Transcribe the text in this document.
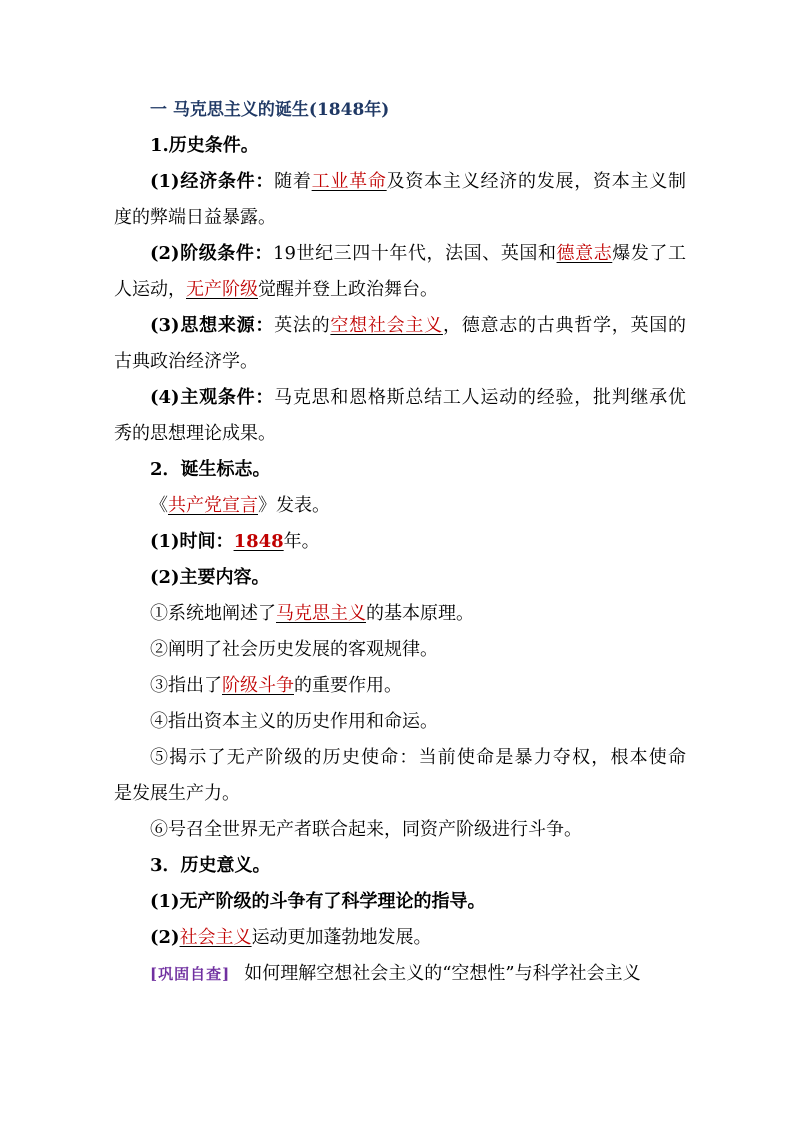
一 马克思主义的诞生(1848年)
1.历史条件。
(1)经济条件：随着工业革命及资本主义经济的发展，资本主义制
度的弊端日益暴露。
(2)阶级条件：19世纪三四十年代，法国、英国和德意志爆发了工
人运动，无产阶级觉醒并登上政治舞台。
(3)思想来源：英法的空想社会主义，德意志的古典哲学，英国的
古典政治经济学。
(4)主观条件：马克思和恩格斯总结工人运动的经验，批判继承优
秀的思想理论成果。
2．诞生标志。
《共产党宣言》发表。
(1)时间：1848年。
(2)主要内容。
①系统地阐述了马克思主义的基本原理。
②阐明了社会历史发展的客观规律。
③指出了阶级斗争的重要作用。
④指出资本主义的历史作用和命运。
⑤揭示了无产阶级的历史使命：当前使命是暴力夺权，根本使命
是发展生产力。
⑥号召全世界无产者联合起来，同资产阶级进行斗争。
3．历史意义。
(1)无产阶级的斗争有了科学理论的指导。
(2)社会主义运动更加蓬勃地发展。
[巩固自查] 如何理解空想社会主义的“空想性”与科学社会主义
